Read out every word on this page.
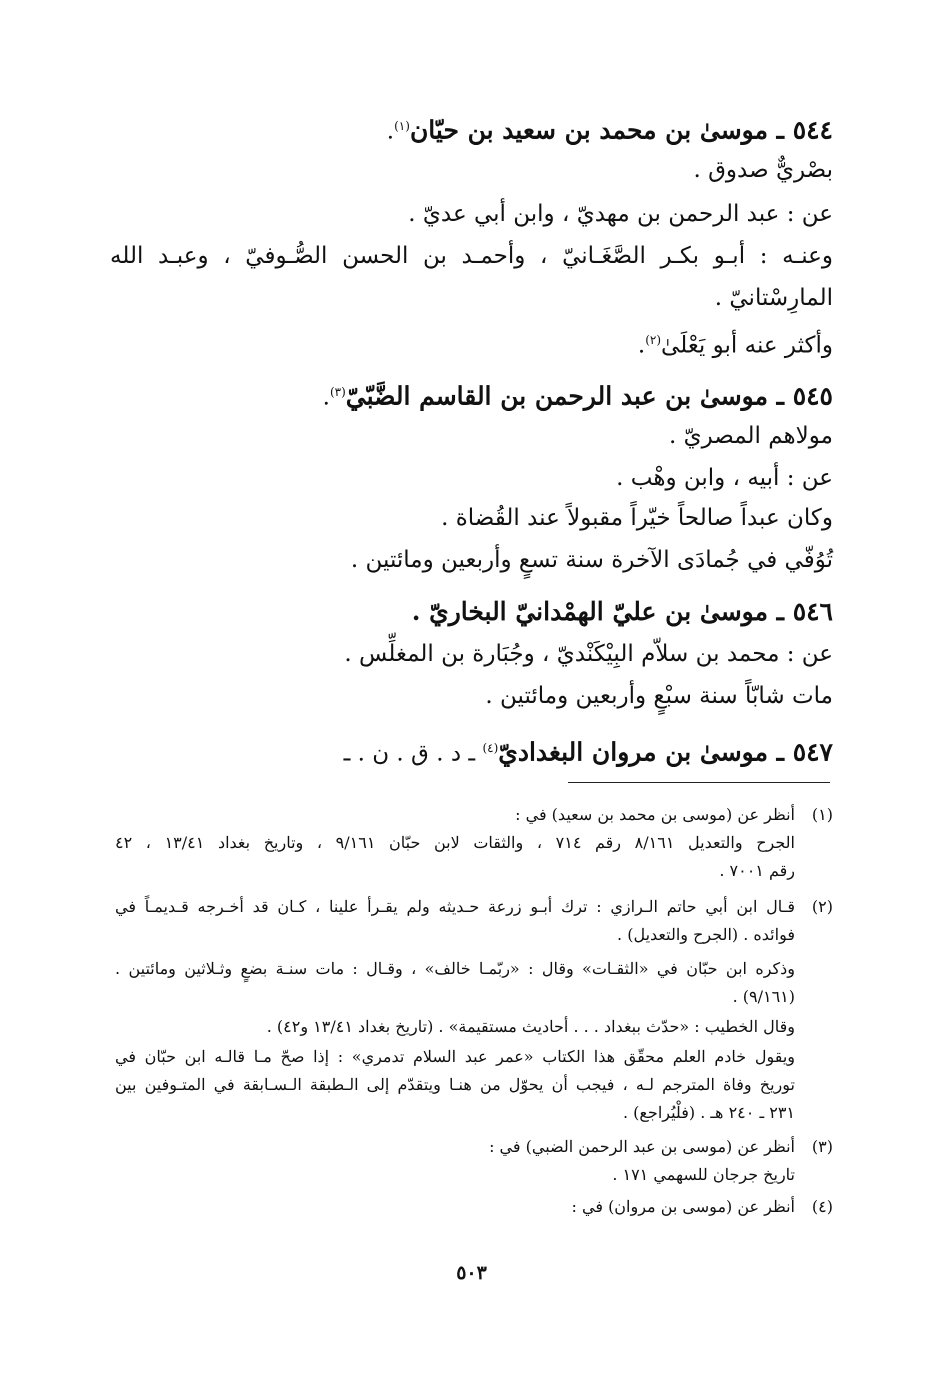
٥٤٤ ـ موسىٰ بن محمد بن سعيد بن حيّان$^{(١)}$.
بصْريٌّ صدوق .
عن : عبد الرحمن بن مهديّ ، وابن أبي عديّ .
وعنـه : أبـو بكـر الصَّغَـانيّ ، وأحمـد بن الحسن الصُّـوفيّ ، وعبـد الله
المارِسْتانيّ .
وأكثر عنه أبو يَعْلَىٰ$^{(٢)}$.
٥٤٥ ـ موسىٰ بن عبد الرحمن بن القاسم الضَّبّيّ$^{(٣)}$.
مولاهم المصريّ .
عن : أبيه ، وابن وهْب .
وكان عبداً صالحاً خيّراً مقبولاً عند القُضاة .
تُوُفّي في جُمادَى الآخرة سنة تسعٍ وأربعين ومائتين .
٥٤٦ ـ موسىٰ بن عليّ الهمْدانيّ البخاريّ .
عن : محمد بن سلاّم البِيْكَنْديّ ، وجُبَارة بن المغلِّس .
مات شابّاً سنة سبْعٍ وأربعين ومائتين .
٥٤٧ ـ موسىٰ بن مروان البغداديّ$^{(٤)}$ ـ د . ق . ن . ـ
(١)
أنظر عن (موسى بن محمد بن سعيد) في :
الجرح والتعديل ٨/١٦١ رقم ٧١٤ ، والثقات لابن حبّان ٩/١٦١ ، وتاريخ بغداد ١٣/٤١ ، ٤٢
رقم ٧٠٠١ .
(٢)
قـال ابن أبي حاتم الـرازي : ترك أبـو زرعة حـديثه ولم يقـرأ علينا ، كـان قد أخـرجه قـديمـاً في
فوائده . (الجرح والتعديل) .
وذكره ابن حبّان في «الثقـات» وقال : «ربّمـا خالف» ، وقـال : مات سنـة بضعٍ وثـلاثين ومائتين .
(٩/١٦١) .
وقال الخطيب : «حدّث ببغداد . . . أحاديث مستقيمة» . (تاريخ بغداد ١٣/٤١ و٤٢) .
ويقول خادم العلم محقّق هذا الكتاب «عمر عبد السلام تدمري» : إذا صحّ مـا قالـه ابن حبّان في
توريخ وفاة المترجم لـه ، فيجب أن يحوّل من هنـا ويتقدّم إلى الـطبقة الـسـابقة في المتـوفين بين
٢٣١ ـ ٢٤٠ هـ . (فلْيُراجع) .
(٣)
أنظر عن (موسى بن عبد الرحمن الضبي) في :
تاريخ جرجان للسهمي ١٧١ .
(٤)
أنظر عن (موسى بن مروان) في :
٥٠٣
